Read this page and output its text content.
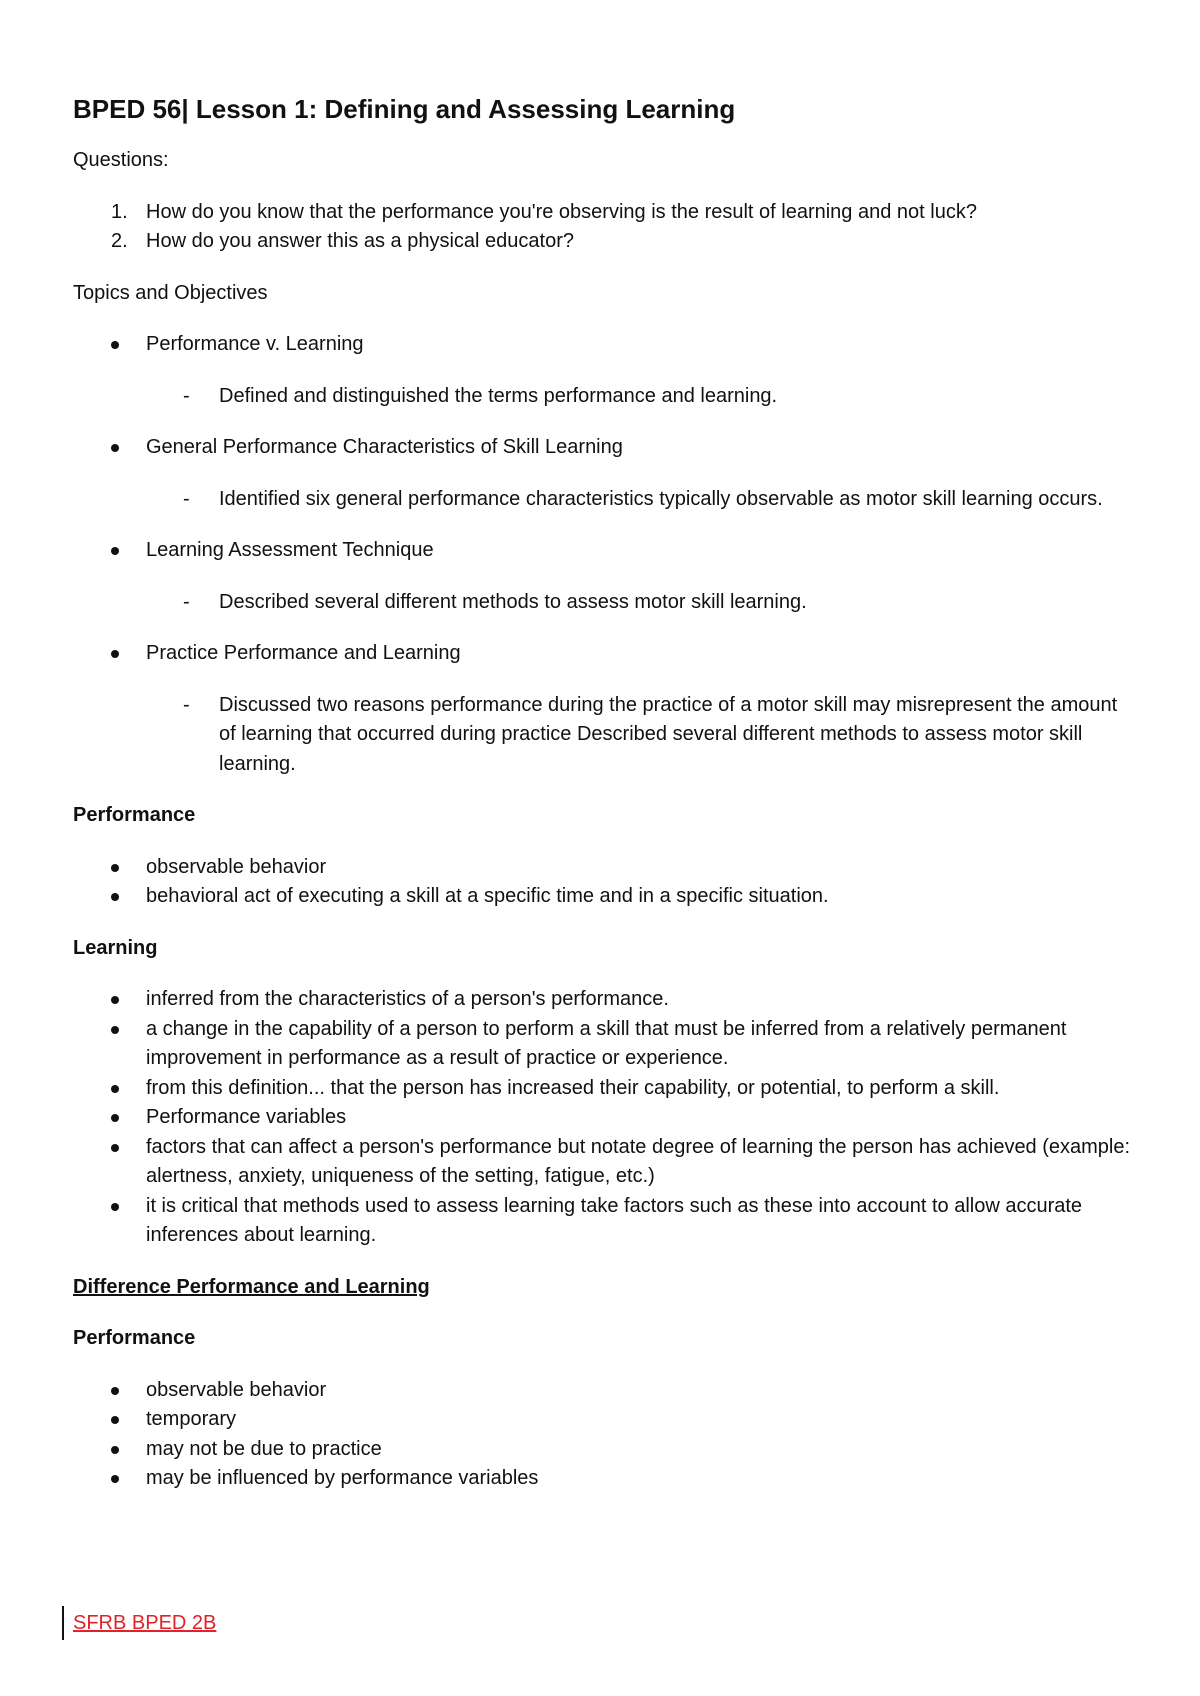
BPED 56| Lesson 1: Defining and Assessing Learning
Questions:
1. How do you know that the performance you're observing is the result of learning and not luck?
2. How do you answer this as a physical educator?
Topics and Objectives
Performance v. Learning
- Defined and distinguished the terms performance and learning.
General Performance Characteristics of Skill Learning
- Identified six general performance characteristics typically observable as motor skill learning occurs.
Learning Assessment Technique
- Described several different methods to assess motor skill learning.
Practice Performance and Learning
- Discussed two reasons performance during the practice of a motor skill may misrepresent the amount of learning that occurred during practice Described several different methods to assess motor skill learning.
Performance
observable behavior
behavioral act of executing a skill at a specific time and in a specific situation.
Learning
inferred from the characteristics of a person's performance.
a change in the capability of a person to perform a skill that must be inferred from a relatively permanent improvement in performance as a result of practice or experience.
from this definition... that the person has increased their capability, or potential, to perform a skill.
Performance variables
factors that can affect a person's performance but notate degree of learning the person has achieved (example: alertness, anxiety, uniqueness of the setting, fatigue, etc.)
it is critical that methods used to assess learning take factors such as these into account to allow accurate inferences about learning.
Difference Performance and Learning
Performance
observable behavior
temporary
may not be due to practice
may be influenced by performance variables
SFRB BPED 2B
